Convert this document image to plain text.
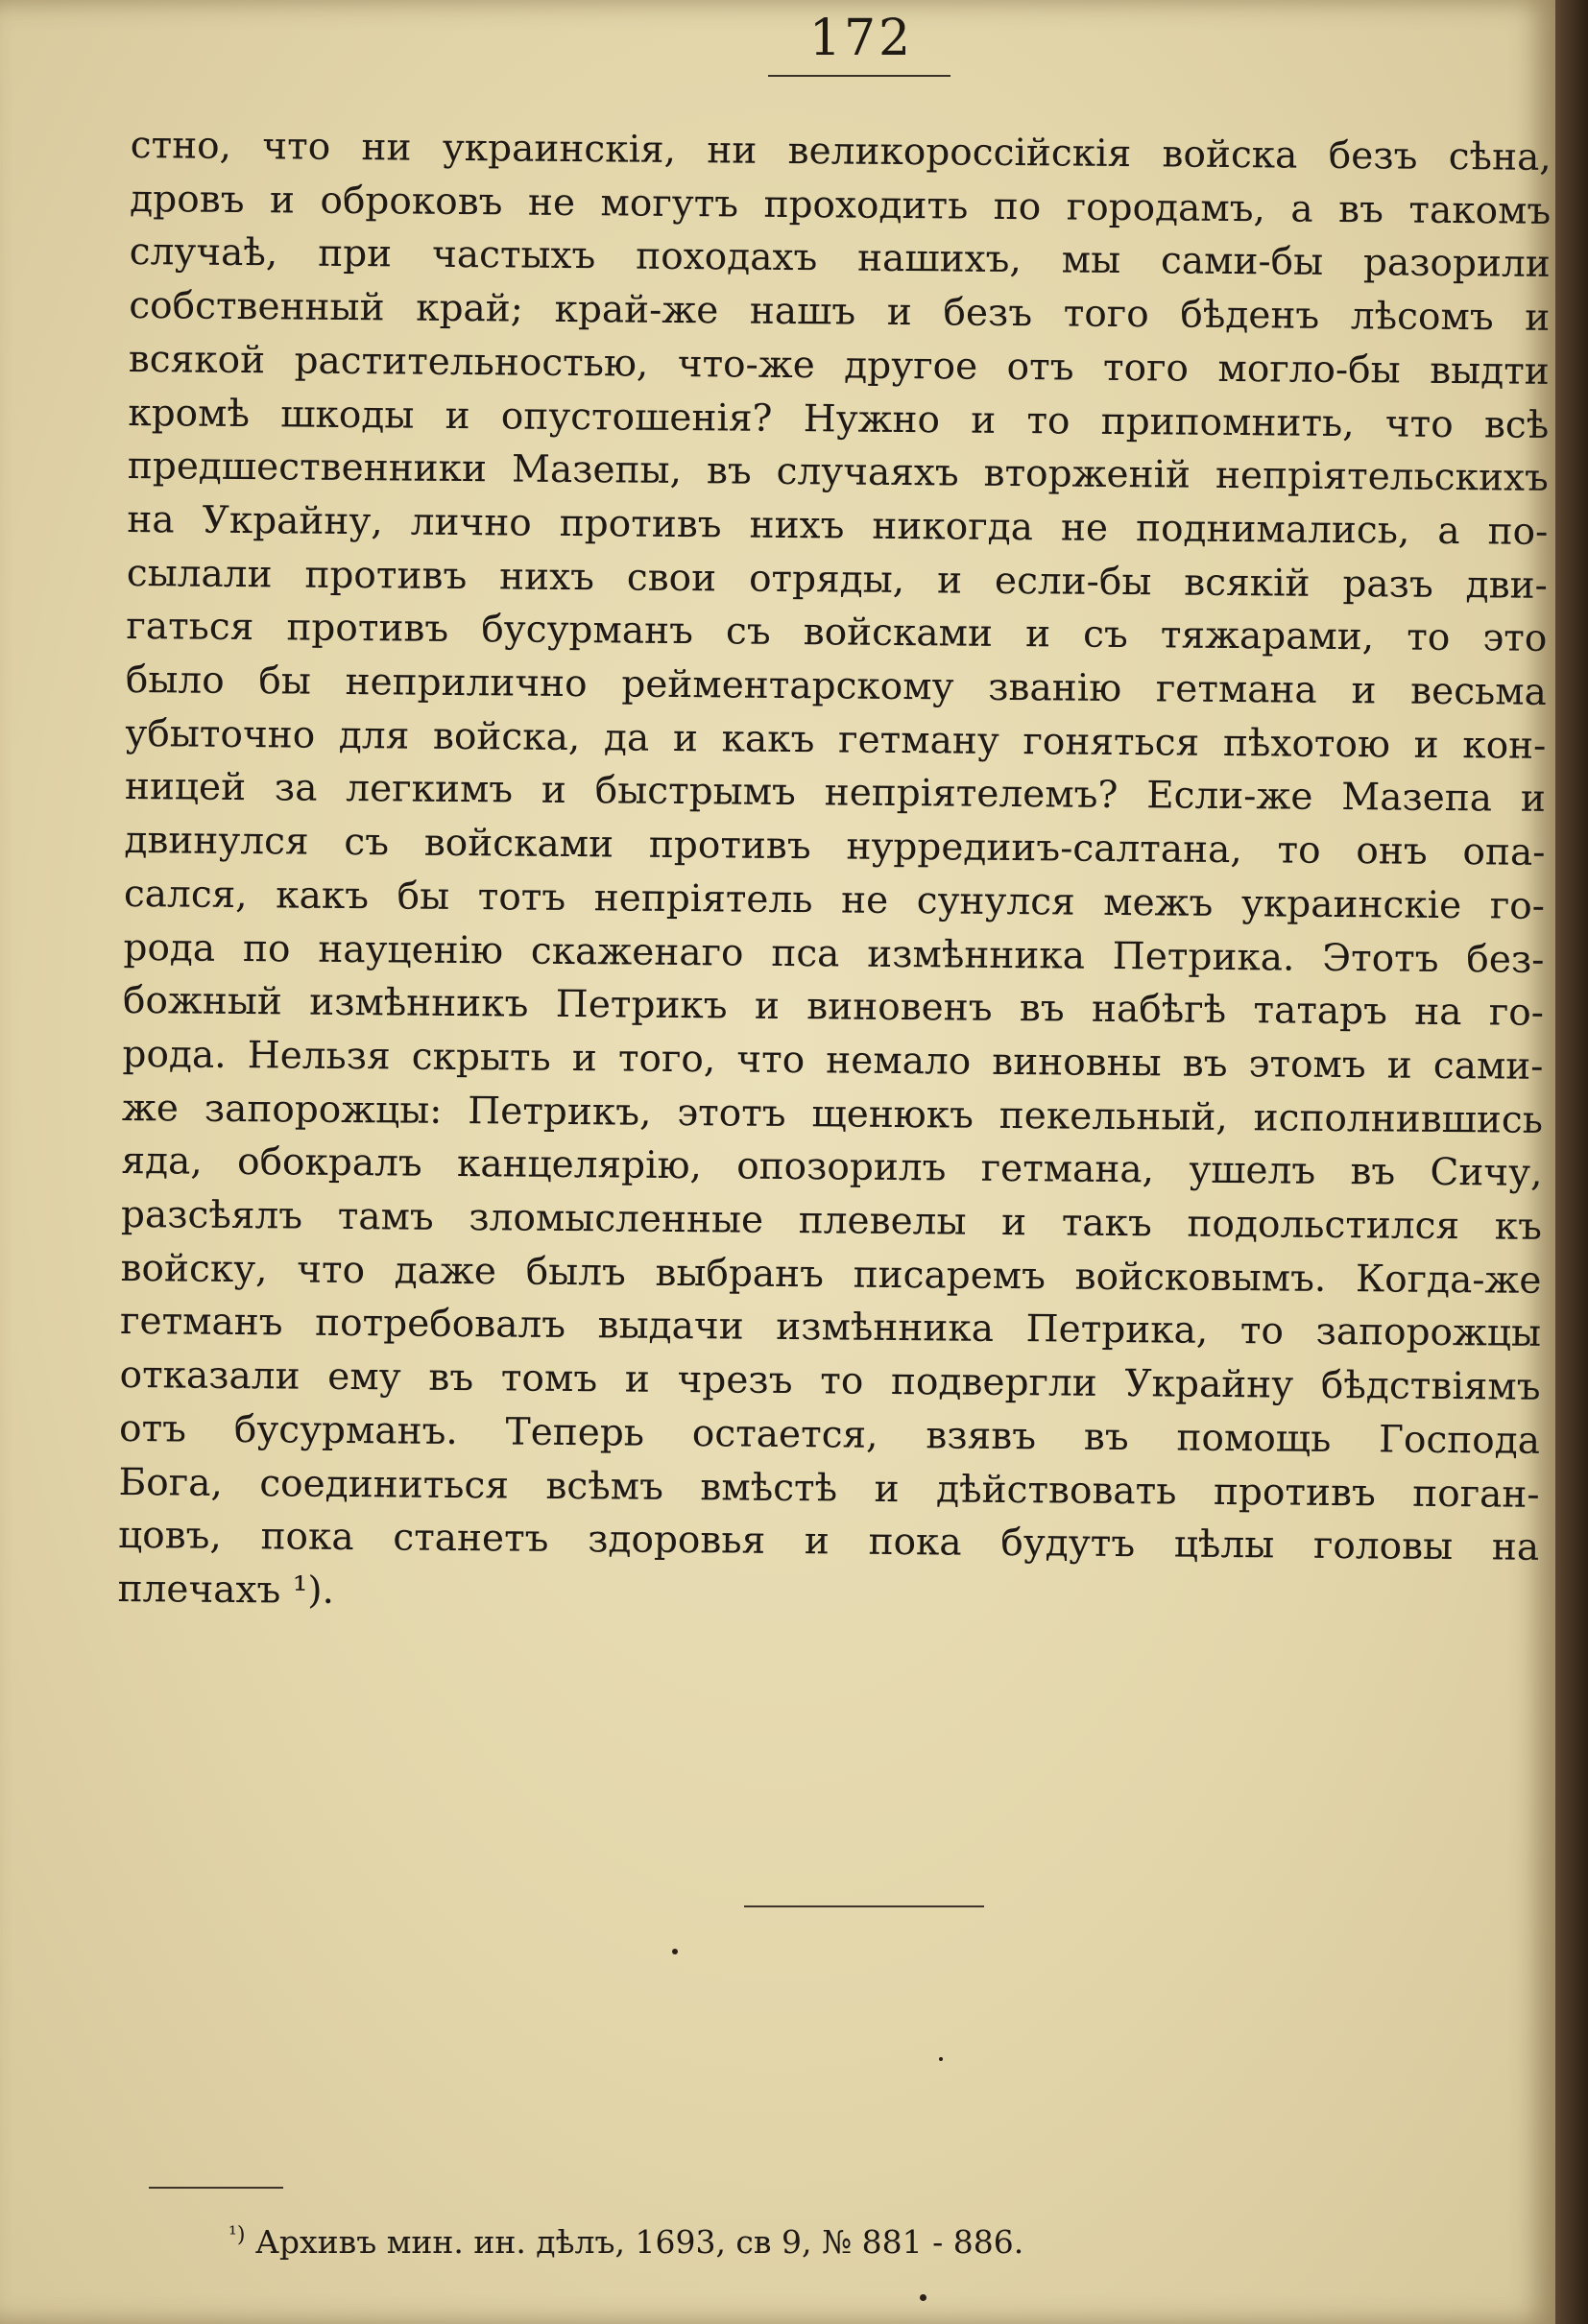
172
стно, что ни украинскія, ни великороссійскія войска безъ сѣна,
дровъ и оброковъ не могутъ проходить по городамъ, а въ такомъ
случаѣ, при частыхъ походахъ нашихъ, мы сами-бы разорили
собственный край; край-же нашъ и безъ того бѣденъ лѣсомъ и
всякой растительностью, что-же другое отъ того могло-бы выдти
кромѣ шкоды и опустошенія? Нужно и то припомнить, что всѣ
предшественники Мазепы, въ случаяхъ вторженій непріятельскихъ
на Украйну, лично противъ нихъ никогда не поднимались, а по-
сылали противъ нихъ свои отряды, и если-бы всякій разъ дви-
гаться противъ бусурманъ съ войсками и съ тяжарами, то это
было бы неприлично рейментарскому званію гетмана и весьма
убыточно для войска, да и какъ гетману гоняться пѣхотою и кон-
ницей за легкимъ и быстрымъ непріятелемъ? Если-же Мазепа и
двинулся съ войсками противъ нурредииъ-салтана, то онъ опа-
сался, какъ бы тотъ непріятель не сунулся межъ украинскіе го-
рода по науценію скаженаго пса измѣнника Петрика. Этотъ без-
божный измѣнникъ Петрикъ и виновенъ въ набѣгѣ татаръ на го-
рода. Нельзя скрыть и того, что немало виновны въ этомъ и сами-
же запорожцы: Петрикъ, этотъ щенюкъ пекельный, исполнившись
яда, обокралъ канцелярію, опозорилъ гетмана, ушелъ въ Сичу,
разсѣялъ тамъ зломысленные плевелы и такъ подольстился къ
войску, что даже былъ выбранъ писаремъ войсковымъ. Когда-же
гетманъ потребовалъ выдачи измѣнника Петрика, то запорожцы
отказали ему въ томъ и чрезъ то подвергли Украйну бѣдствіямъ
отъ бусурманъ. Теперь остается, взявъ въ помощь Господа
Бога, соединиться всѣмъ вмѣстѣ и дѣйствовать противъ поган-
цовъ, пока станетъ здоровья и пока будутъ цѣлы головы на
плечахъ ¹).
$^{^1)}$ Архивъ мин. ин. дѣлъ, 1693, св 9, № 881 - 886.
